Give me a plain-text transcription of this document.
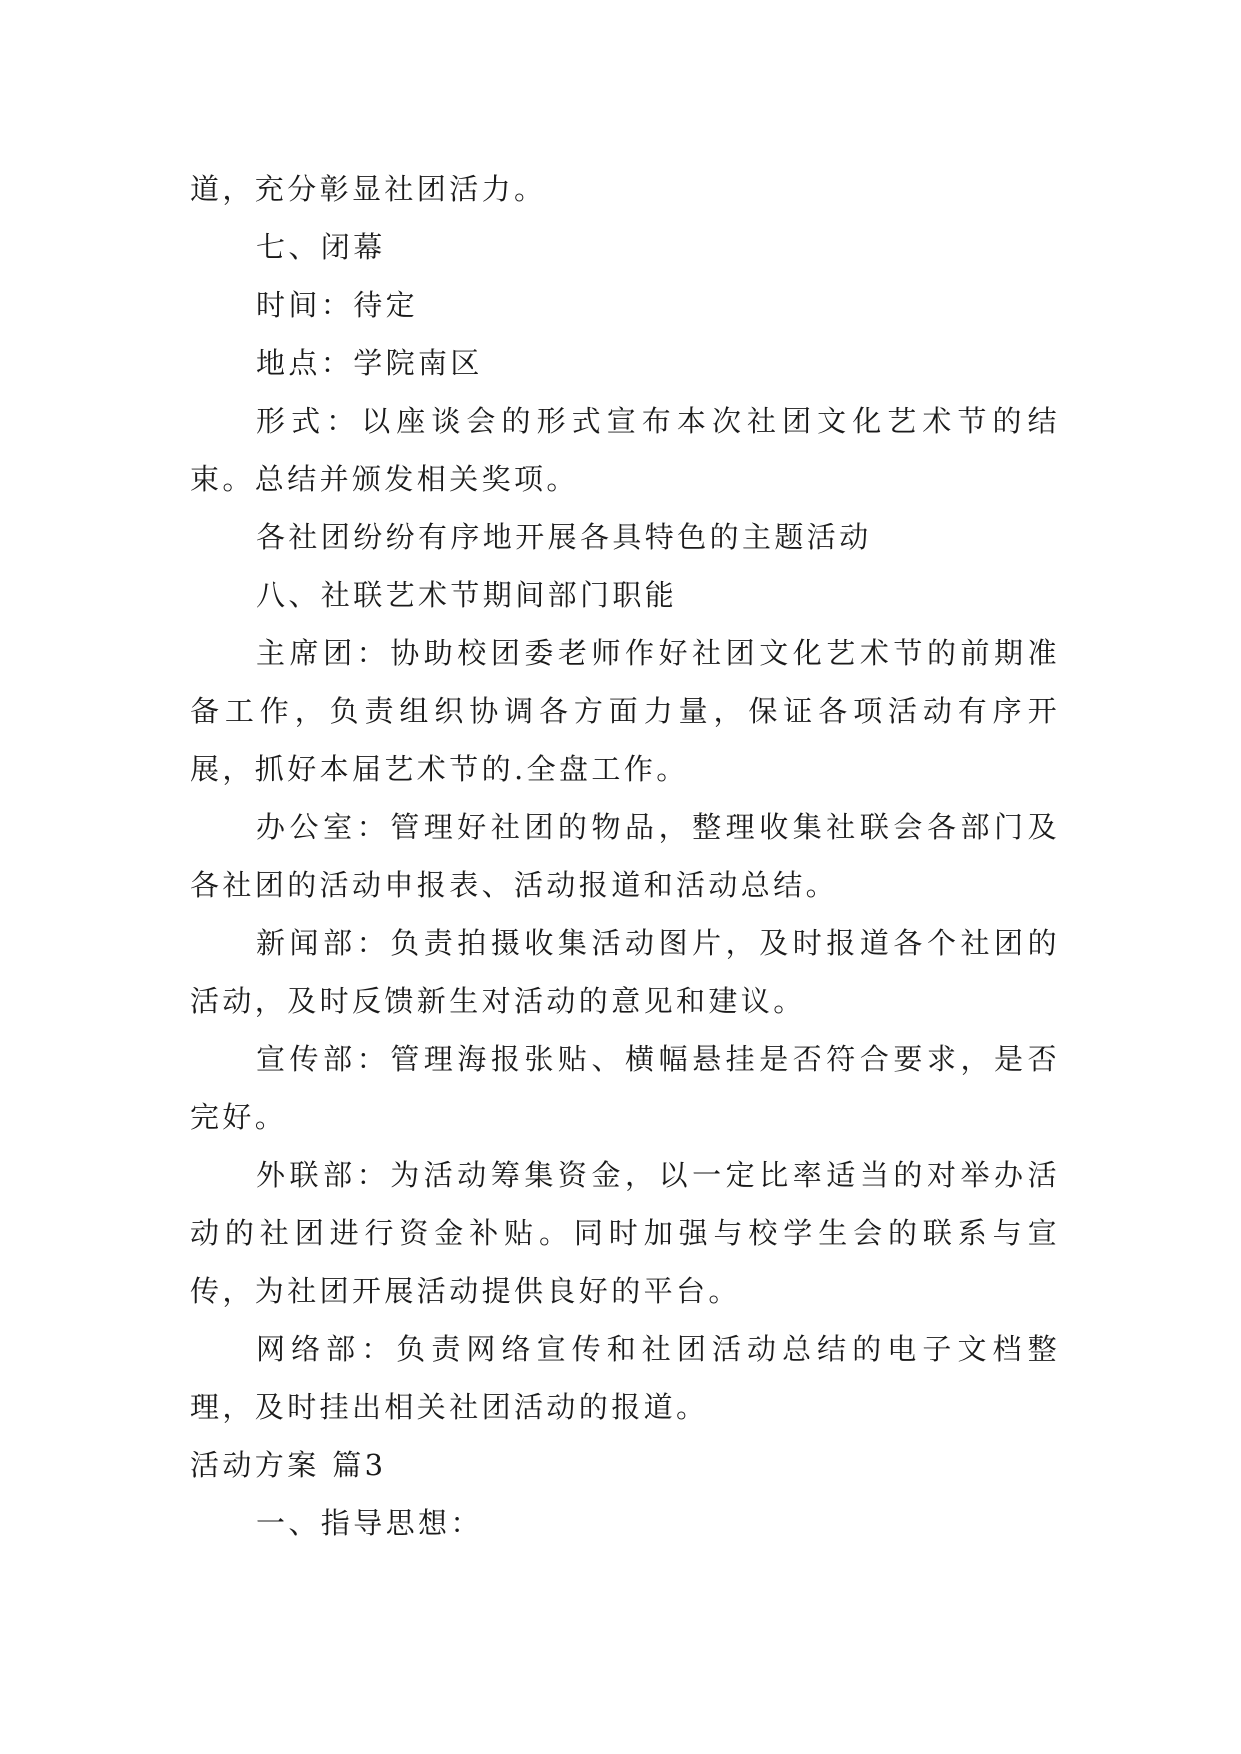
道，充分彰显社团活力。

七、闭幕

时间：待定

地点：学院南区

形式：以座谈会的形式宣布本次社团文化艺术节的结束。总结并颁发相关奖项。

各社团纷纷有序地开展各具特色的主题活动

八、社联艺术节期间部门职能

主席团：协助校团委老师作好社团文化艺术节的前期准备工作，负责组织协调各方面力量，保证各项活动有序开展，抓好本届艺术节的.全盘工作。

办公室：管理好社团的物品，整理收集社联会各部门及各社团的活动申报表、活动报道和活动总结。

新闻部：负责拍摄收集活动图片，及时报道各个社团的活动，及时反馈新生对活动的意见和建议。

宣传部：管理海报张贴、横幅悬挂是否符合要求，是否完好。

外联部：为活动筹集资金，以一定比率适当的对举办活动的社团进行资金补贴。同时加强与校学生会的联系与宣传，为社团开展活动提供良好的平台。

网络部：负责网络宣传和社团活动总结的电子文档整理，及时挂出相关社团活动的报道。

活动方案 篇3

一、指导思想：
